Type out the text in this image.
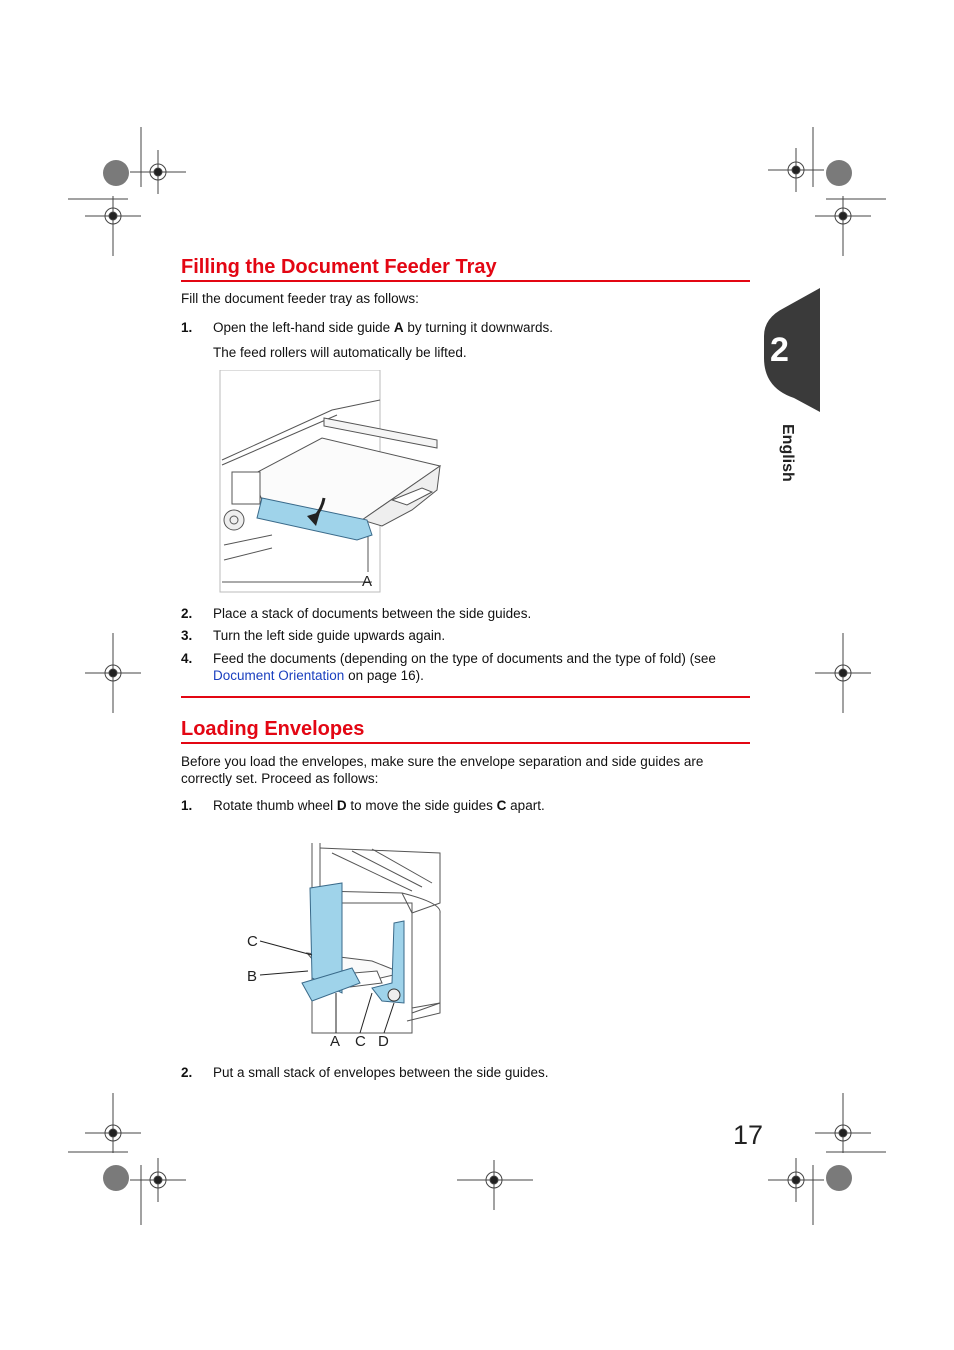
2
English
Filling the Document Feeder Tray
Fill the document feeder tray as follows:
1. Open the left-hand side guide A by turning it downwards.
The feed rollers will automatically be lifted.
A
2. Place a stack of documents between the side guides.
3. Turn the left side guide upwards again.
4. Feed the documents (depending on the type of documents and the type of fold) (see
Document Orientation on page 16).
Loading Envelopes
Before you load the envelopes, make sure the envelope separation and side guides are
correctly set. Proceed as follows:
1. Rotate thumb wheel D to move the side guides C apart.
C
B
A C D
2. Put a small stack of envelopes between the side guides.
17
